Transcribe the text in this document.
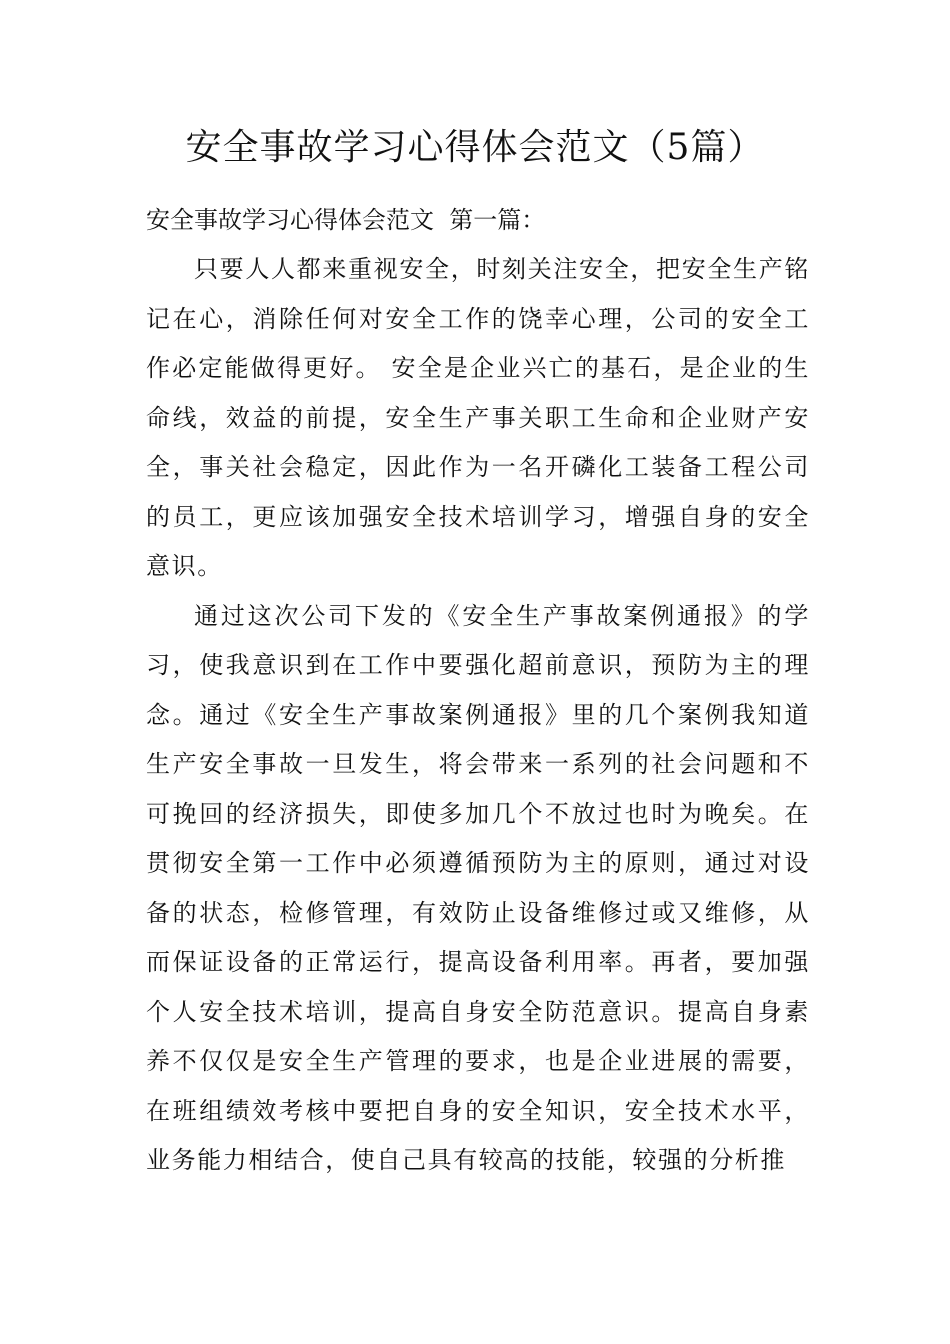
安全事故学习心得体会范文（5篇）

安全事故学习心得体会范文  第一篇：

只要人人都来重视安全，时刻关注安全，把安全生产铭记在心，消除任何对安全工作的饶幸心理，公司的安全工作必定能做得更好。 安全是企业兴亡的基石，是企业的生命线，效益的前提，安全生产事关职工生命和企业财产安全，事关社会稳定，因此作为一名开磷化工装备工程公司的员工，更应该加强安全技术培训学习，增强自身的安全意识。

通过这次公司下发的《安全生产事故案例通报》的学习，使我意识到在工作中要强化超前意识，预防为主的理念。通过《安全生产事故案例通报》里的几个案例我知道生产安全事故一旦发生，将会带来一系列的社会问题和不可挽回的经济损失，即使多加几个不放过也时为晚矣。在贯彻安全第一工作中必须遵循预防为主的原则，通过对设备的状态，检修管理，有效防止设备维修过或又维修，从而保证设备的正常运行，提高设备利用率。再者，要加强个人安全技术培训，提高自身安全防范意识。提高自身素养不仅仅是安全生产管理的要求，也是企业进展的需要，在班组绩效考核中要把自身的安全知识，安全技术水平，业务能力相结合，使自己具有较高的技能，较强的分析推
